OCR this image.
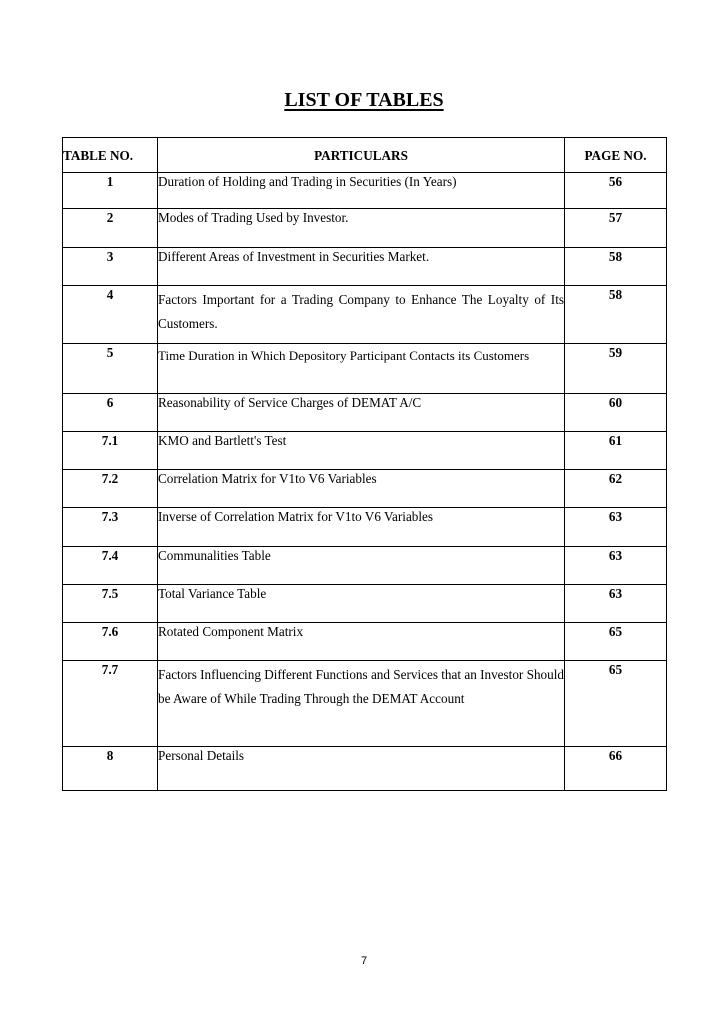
LIST OF TABLES
TABLE NO.	PARTICULARS	PAGE NO.
1	Duration of Holding and Trading in Securities (In Years)	56
2	Modes of Trading Used by Investor.	57
3	Different Areas of Investment in Securities Market.	58
4	Factors Important for a Trading Company to Enhance The Loyalty of Its Customers.	58
5	Time Duration in Which Depository Participant Contacts its Customers	59
6	Reasonability of Service Charges of DEMAT A/C	60
7.1	KMO and Bartlett's Test	61
7.2	Correlation Matrix for V1to V6 Variables	62
7.3	Inverse of Correlation Matrix for V1to V6 Variables	63
7.4	Communalities Table	63
7.5	Total Variance Table	63
7.6	Rotated Component Matrix	65
7.7	Factors Influencing Different Functions and Services that an Investor Should be Aware of While Trading Through the DEMAT Account	65
8	Personal Details	66
7
